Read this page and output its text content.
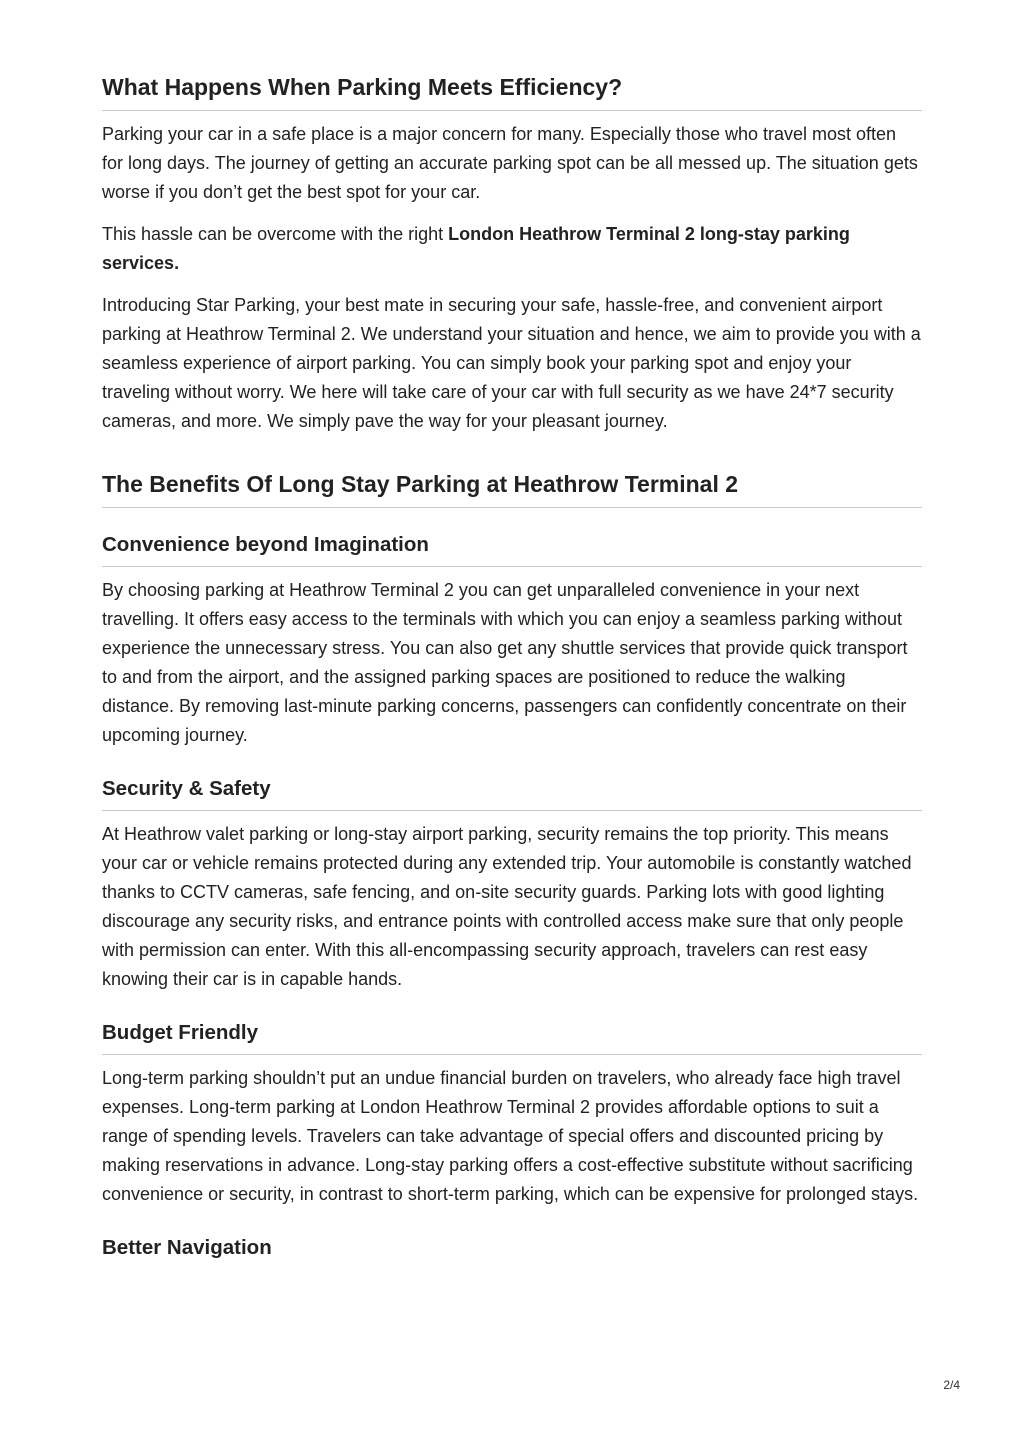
What Happens When Parking Meets Efficiency?

Parking your car in a safe place is a major concern for many. Especially those who travel most often for long days. The journey of getting an accurate parking spot can be all messed up. The situation gets worse if you don’t get the best spot for your car.

This hassle can be overcome with the right London Heathrow Terminal 2 long-stay parking services.

Introducing Star Parking, your best mate in securing your safe, hassle-free, and convenient airport parking at Heathrow Terminal 2. We understand your situation and hence, we aim to provide you with a seamless experience of airport parking. You can simply book your parking spot and enjoy your traveling without worry. We here will take care of your car with full security as we have 24*7 security cameras, and more. We simply pave the way for your pleasant journey.

The Benefits Of Long Stay Parking at Heathrow Terminal 2
Convenience beyond Imagination

By choosing parking at Heathrow Terminal 2 you can get unparalleled convenience in your next travelling. It offers easy access to the terminals with which you can enjoy a seamless parking without experience the unnecessary stress. You can also get any shuttle services that provide quick transport to and from the airport, and the assigned parking spaces are positioned to reduce the walking distance. By removing last-minute parking concerns, passengers can confidently concentrate on their upcoming journey.

Security & Safety

At Heathrow valet parking or long-stay airport parking, security remains the top priority. This means your car or vehicle remains protected during any extended trip. Your automobile is constantly watched thanks to CCTV cameras, safe fencing, and on-site security guards. Parking lots with good lighting discourage any security risks, and entrance points with controlled access make sure that only people with permission can enter. With this all-encompassing security approach, travelers can rest easy knowing their car is in capable hands.

Budget Friendly

Long-term parking shouldn’t put an undue financial burden on travelers, who already face high travel expenses. Long-term parking at London Heathrow Terminal 2 provides affordable options to suit a range of spending levels. Travelers can take advantage of special offers and discounted pricing by making reservations in advance. Long-stay parking offers a cost-effective substitute without sacrificing convenience or security, in contrast to short-term parking, which can be expensive for prolonged stays.

Better Navigation
2/4
